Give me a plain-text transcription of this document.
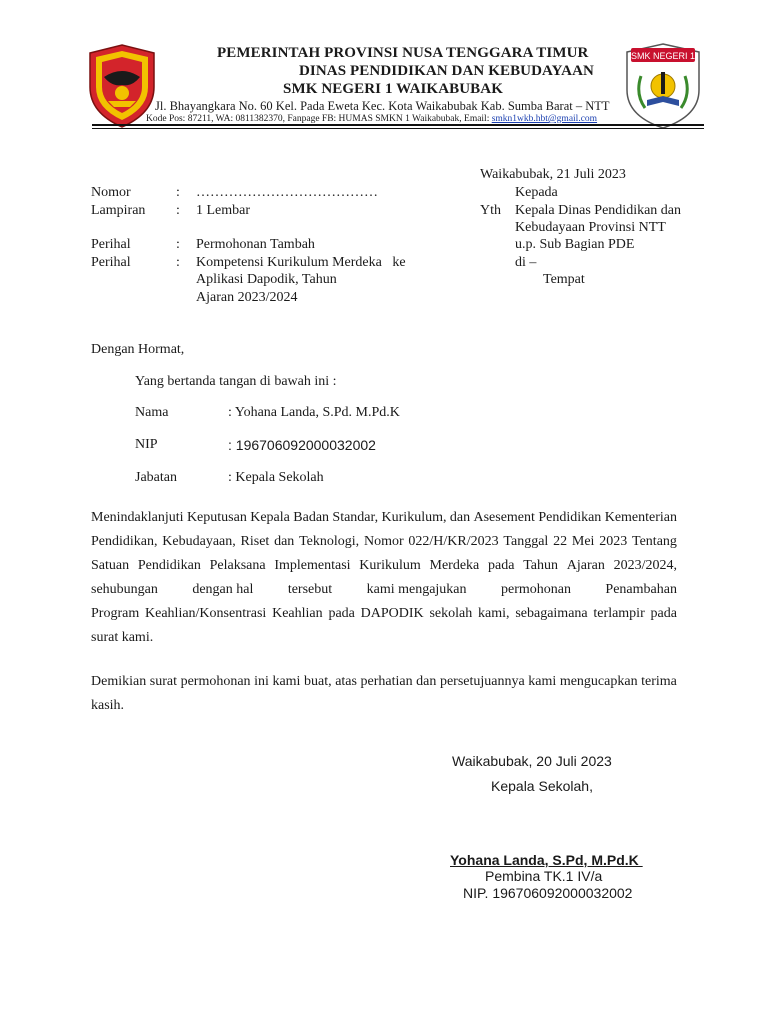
PEMERINTAH PROVINSI NUSA TENGGARA TIMUR
DINAS PENDIDIKAN DAN KEBUDAYAAN
SMK NEGERI 1 WAIKABUBAK
Jl. Bhayangkara No. 60 Kel. Pada Eweta Kec. Kota Waikabubak Kab. Sumba Barat – NTT
Kode Pos: 87211, WA: 0811382370, Fanpage FB: HUMAS SMKN 1 Waikabubak, Email: smkn1wkb.hbt@gmail.com
SMK NEGERI 1
Nomor	: …………………………………
Lampiran : 1 Lembar
Perihal	: Permohonan Tambah
Perihal	: Kompetensi Kurikulum Merdeka   ke
Aplikasi Dapodik, Tahun
Ajaran 2023/2024
Waikabubak, 21 Juli 2023
Kepada
Yth Kepala Dinas Pendidikan dan
Kebudayaan Provinsi NTT
u.p. Sub Bagian PDE
di –
Tempat
Dengan Hormat,
Yang bertanda tangan di bawah ini :
Nama	: Yohana Landa, S.Pd. M.Pd.K
NIP	: 196706092000032002
Jabatan	: Kepala Sekolah
Menindaklanjuti Keputusan Kepala Badan Standar, Kurikulum, dan Asesement Pendidikan Kementerian
Pendidikan, Kebudayaan, Riset dan Teknologi, Nomor 022/H/KR/2023 Tanggal 22 Mei 2023 Tentang
Satuan Pendidikan Pelaksana Implementasi Kurikulum Merdeka pada Tahun Ajaran 2023/2024,
sehubungan dengan hal tersebut kami mengajukan permohonan Penambahan
Program Keahlian/Konsentrasi Keahlian pada DAPODIK sekolah kami, sebagaimana terlampir pada
surat kami.
Demikian surat permohonan ini kami buat, atas perhatian dan persetujuannya kami mengucapkan terima
kasih.
Waikabubak, 20 Juli 2023
Kepala Sekolah,
Yohana Landa, S.Pd, M.Pd.K
Pembina TK.1 IV/a
NIP. 196706092000032002
